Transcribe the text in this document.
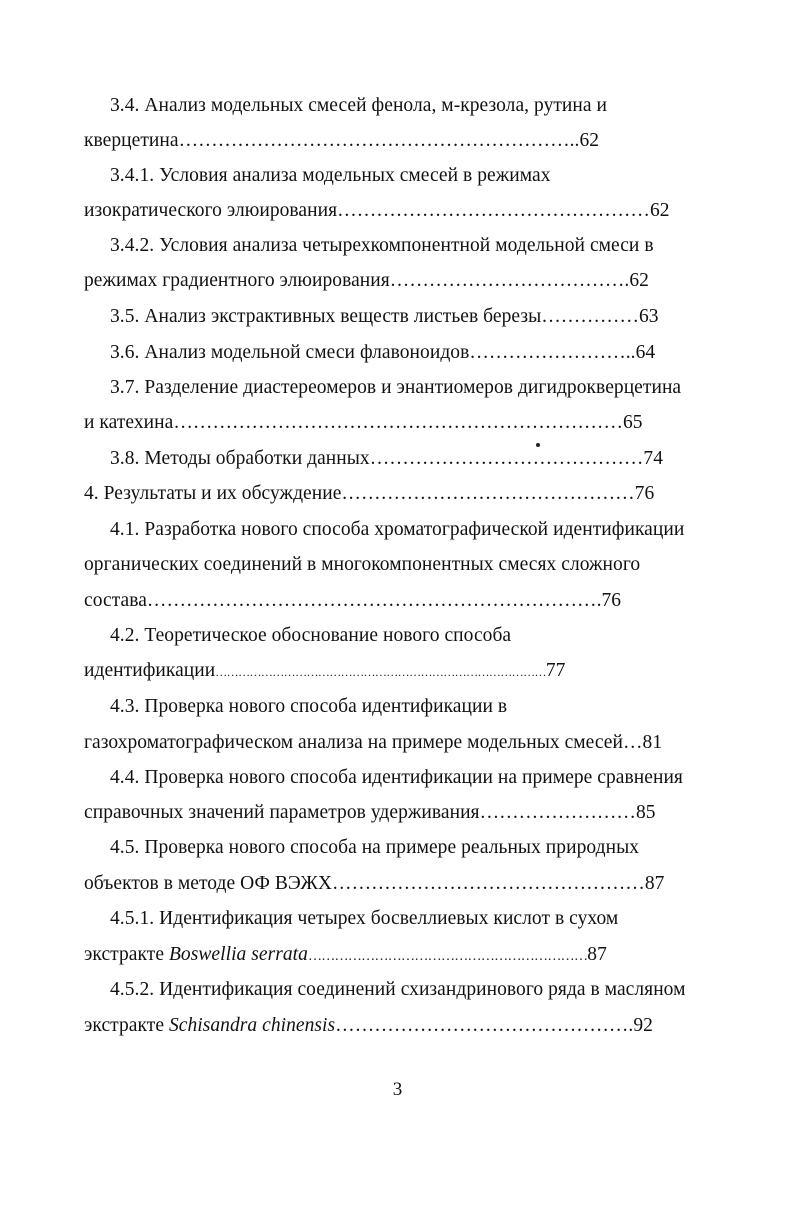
3.4. Анализ модельных смесей фенола, м-крезола, рутина и
кверцетина……………………………………………………..62
3.4.1. Условия анализа модельных смесей в режимах
изократического элюирования…………………………………………62
3.4.2. Условия анализа четырехкомпонентной модельной смеси в
режимах градиентного элюирования……………………………….62
3.5. Анализ экстрактивных веществ листьев березы……………63
3.6. Анализ модельной смеси флавоноидов……………………..64
3.7. Разделение диастереомеров и энантиомеров дигидрокверцетина
и катехина……………………………………………………………65
3.8. Методы обработки данных……………………………………74
4. Результаты и их обсуждение………………………………………76
4.1. Разработка нового способа хроматографической идентификации
органических соединений в многокомпонентных смесях сложного
состава…………………………………………………………….76
4.2. Теоретическое обоснование нового способа
идентификации……………………………………………………………………………77
4.3. Проверка нового способа идентификации в
газохроматографическом анализа на примере модельных смесей…81
4.4. Проверка нового способа идентификации на примере сравнения
справочных значений параметров удерживания……………………85
4.5. Проверка нового способа на примере реальных природных
объектов в методе ОФ ВЭЖХ…………………………………………87
4.5.1. Идентификация четырех босвеллиевых кислот в сухом
экстракте Boswellia serrata………………………………………………………87
4.5.2. Идентификация соединений схизандринового ряда в масляном
экстракте Schisandra chinensis……………………………………….92
3
